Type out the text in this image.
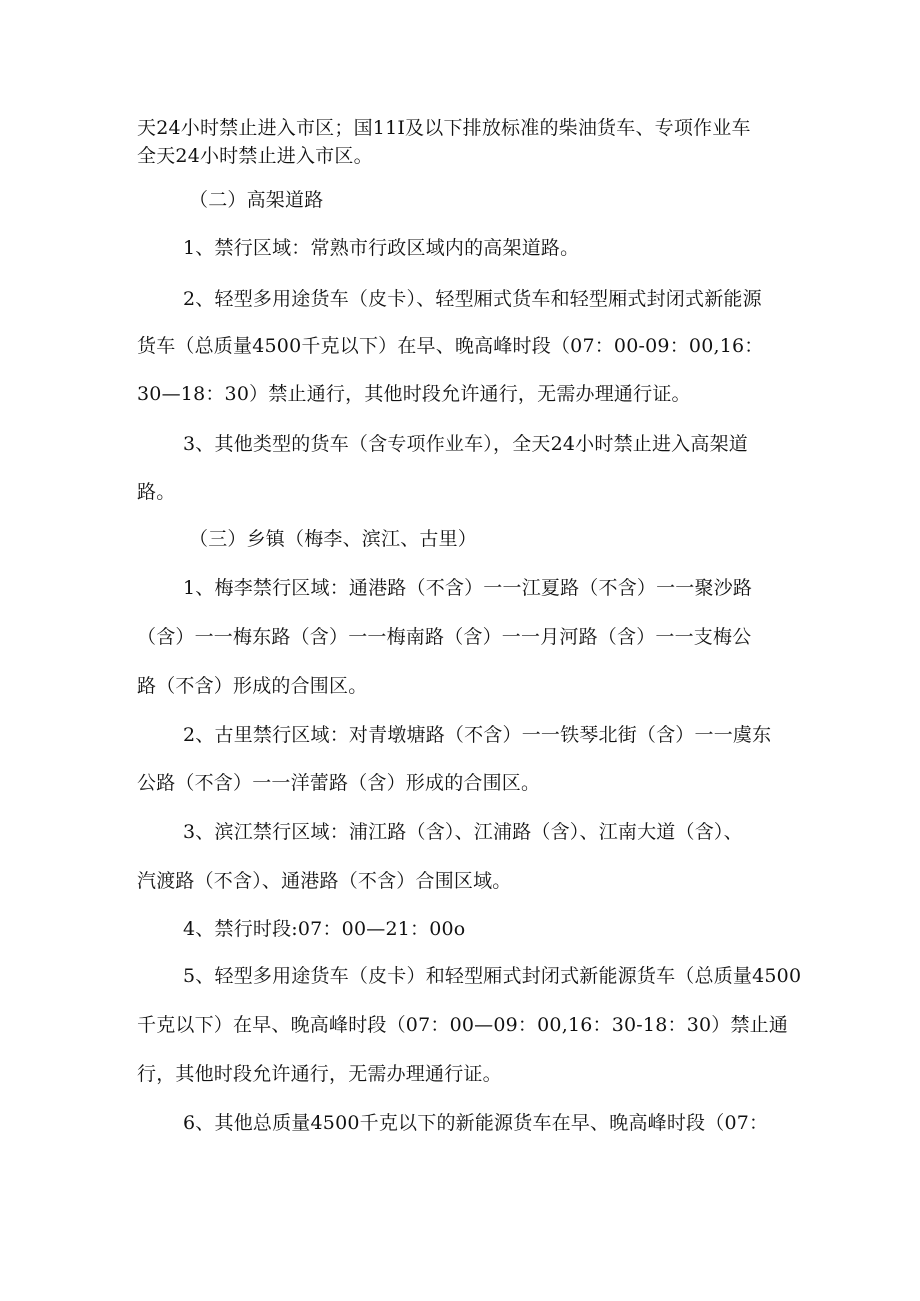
天24小时禁止进入市区；国11I及以下排放标准的柴油货车、专项作业车
全天24小时禁止进入市区。
（二）高架道路
1、禁行区域：常熟市行政区域内的高架道路。
2、轻型多用途货车（皮卡）、轻型厢式货车和轻型厢式封闭式新能源
货车（总质量4500千克以下）在早、晚高峰时段（07：00-09：00,16：
30—18：30）禁止通行，其他时段允许通行，无需办理通行证。
3、其他类型的货车（含专项作业车），全天24小时禁止进入高架道
路。
（三）乡镇（梅李、滨江、古里）
1、梅李禁行区域：通港路（不含）一一江夏路（不含）一一聚沙路
（含）一一梅东路（含）一一梅南路（含）一一月河路（含）一一支梅公
路（不含）形成的合围区。
2、古里禁行区域：对青墩塘路（不含）一一铁琴北街（含）一一虞东
公路（不含）一一洋蕾路（含）形成的合围区。
3、滨江禁行区域：浦江路（含）、江浦路（含）、江南大道（含）、
汽渡路（不含）、通港路（不含）合围区域。
4、禁行时段:07：00—21：00o
5、轻型多用途货车（皮卡）和轻型厢式封闭式新能源货车（总质量4500
千克以下）在早、晚高峰时段（07：00—09：00,16：30-18：30）禁止通
行，其他时段允许通行，无需办理通行证。
6、其他总质量4500千克以下的新能源货车在早、晚高峰时段（07：
